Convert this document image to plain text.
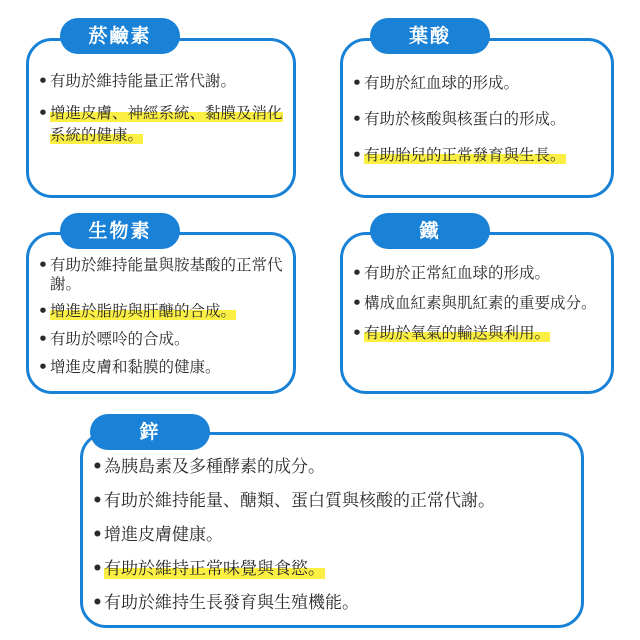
菸鹼素
• 有助於維持能量正常代謝。
• 增進皮膚、神經系統、黏膜及消化系統的健康。
葉酸
• 有助於紅血球的形成。
• 有助於核酸與核蛋白的形成。
• 有助胎兒的正常發育與生長。
生物素
• 有助於維持能量與胺基酸的正常代謝。
• 增進於脂肪與肝醣的合成。
• 有助於嘌呤的合成。
• 增進皮膚和黏膜的健康。
鐵
• 有助於正常紅血球的形成。
• 構成血紅素與肌紅素的重要成分。
• 有助於氧氣的輸送與利用。
鋅
• 為胰島素及多種酵素的成分。
• 有助於維持能量、醣類、蛋白質與核酸的正常代謝。
• 增進皮膚健康。
• 有助於維持正常味覺與食慾。
• 有助於維持生長發育與生殖機能。
